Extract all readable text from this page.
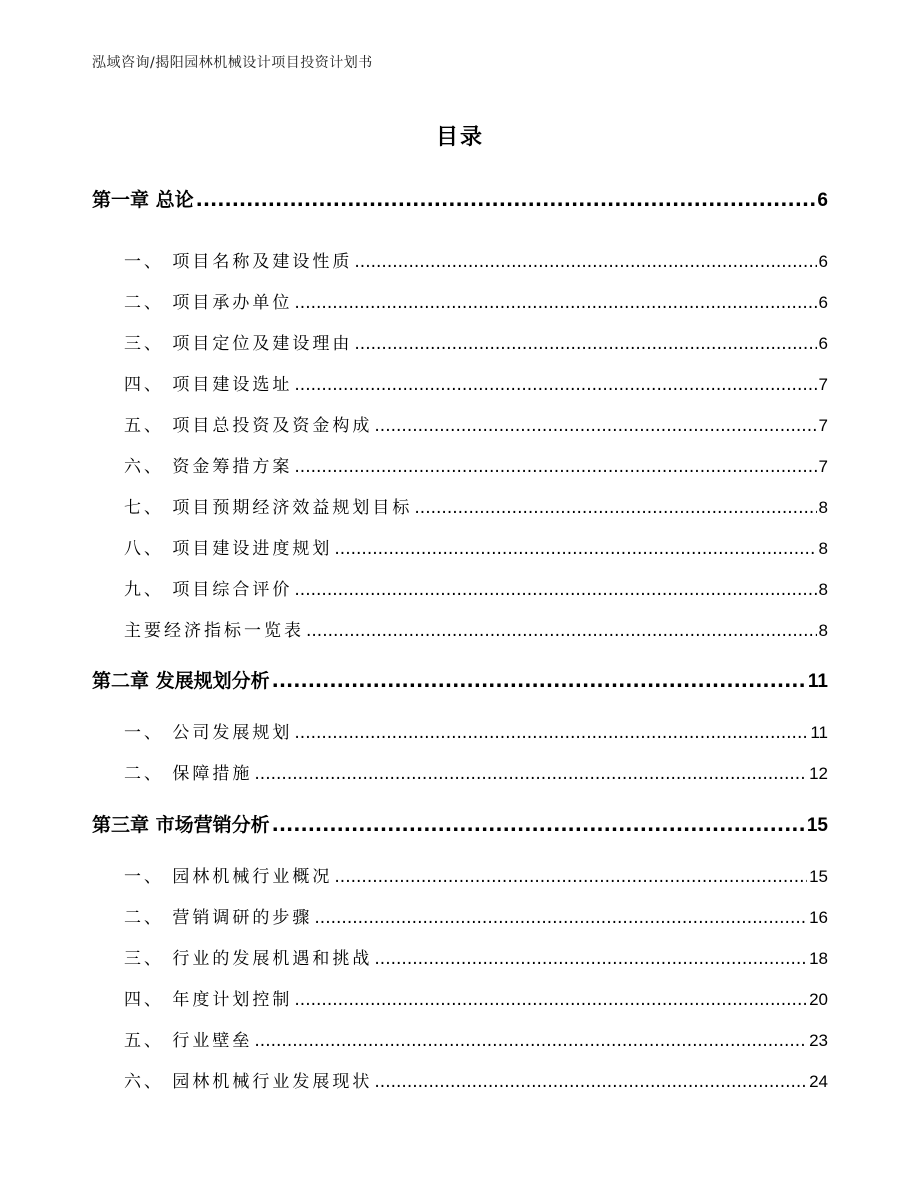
泓域咨询/揭阳园林机械设计项目投资计划书
目录
第一章 总论 .....	6
一、 项目名称及建设性质 .....	6
二、 项目承办单位 .....	6
三、 项目定位及建设理由 .....	6
四、 项目建设选址 .....	7
五、 项目总投资及资金构成 .....	7
六、 资金筹措方案 .....	7
七、 项目预期经济效益规划目标 .....	8
八、 项目建设进度规划 .....	8
九、 项目综合评价 .....	8
主要经济指标一览表 .....	8
第二章 发展规划分析 .....	11
一、 公司发展规划 .....	11
二、 保障措施 .....	12
第三章 市场营销分析 .....	15
一、 园林机械行业概况 .....	15
二、 营销调研的步骤 .....	16
三、 行业的发展机遇和挑战 .....	18
四、 年度计划控制 .....	20
五、 行业壁垒 .....	23
六、 园林机械行业发展现状 .....	24
